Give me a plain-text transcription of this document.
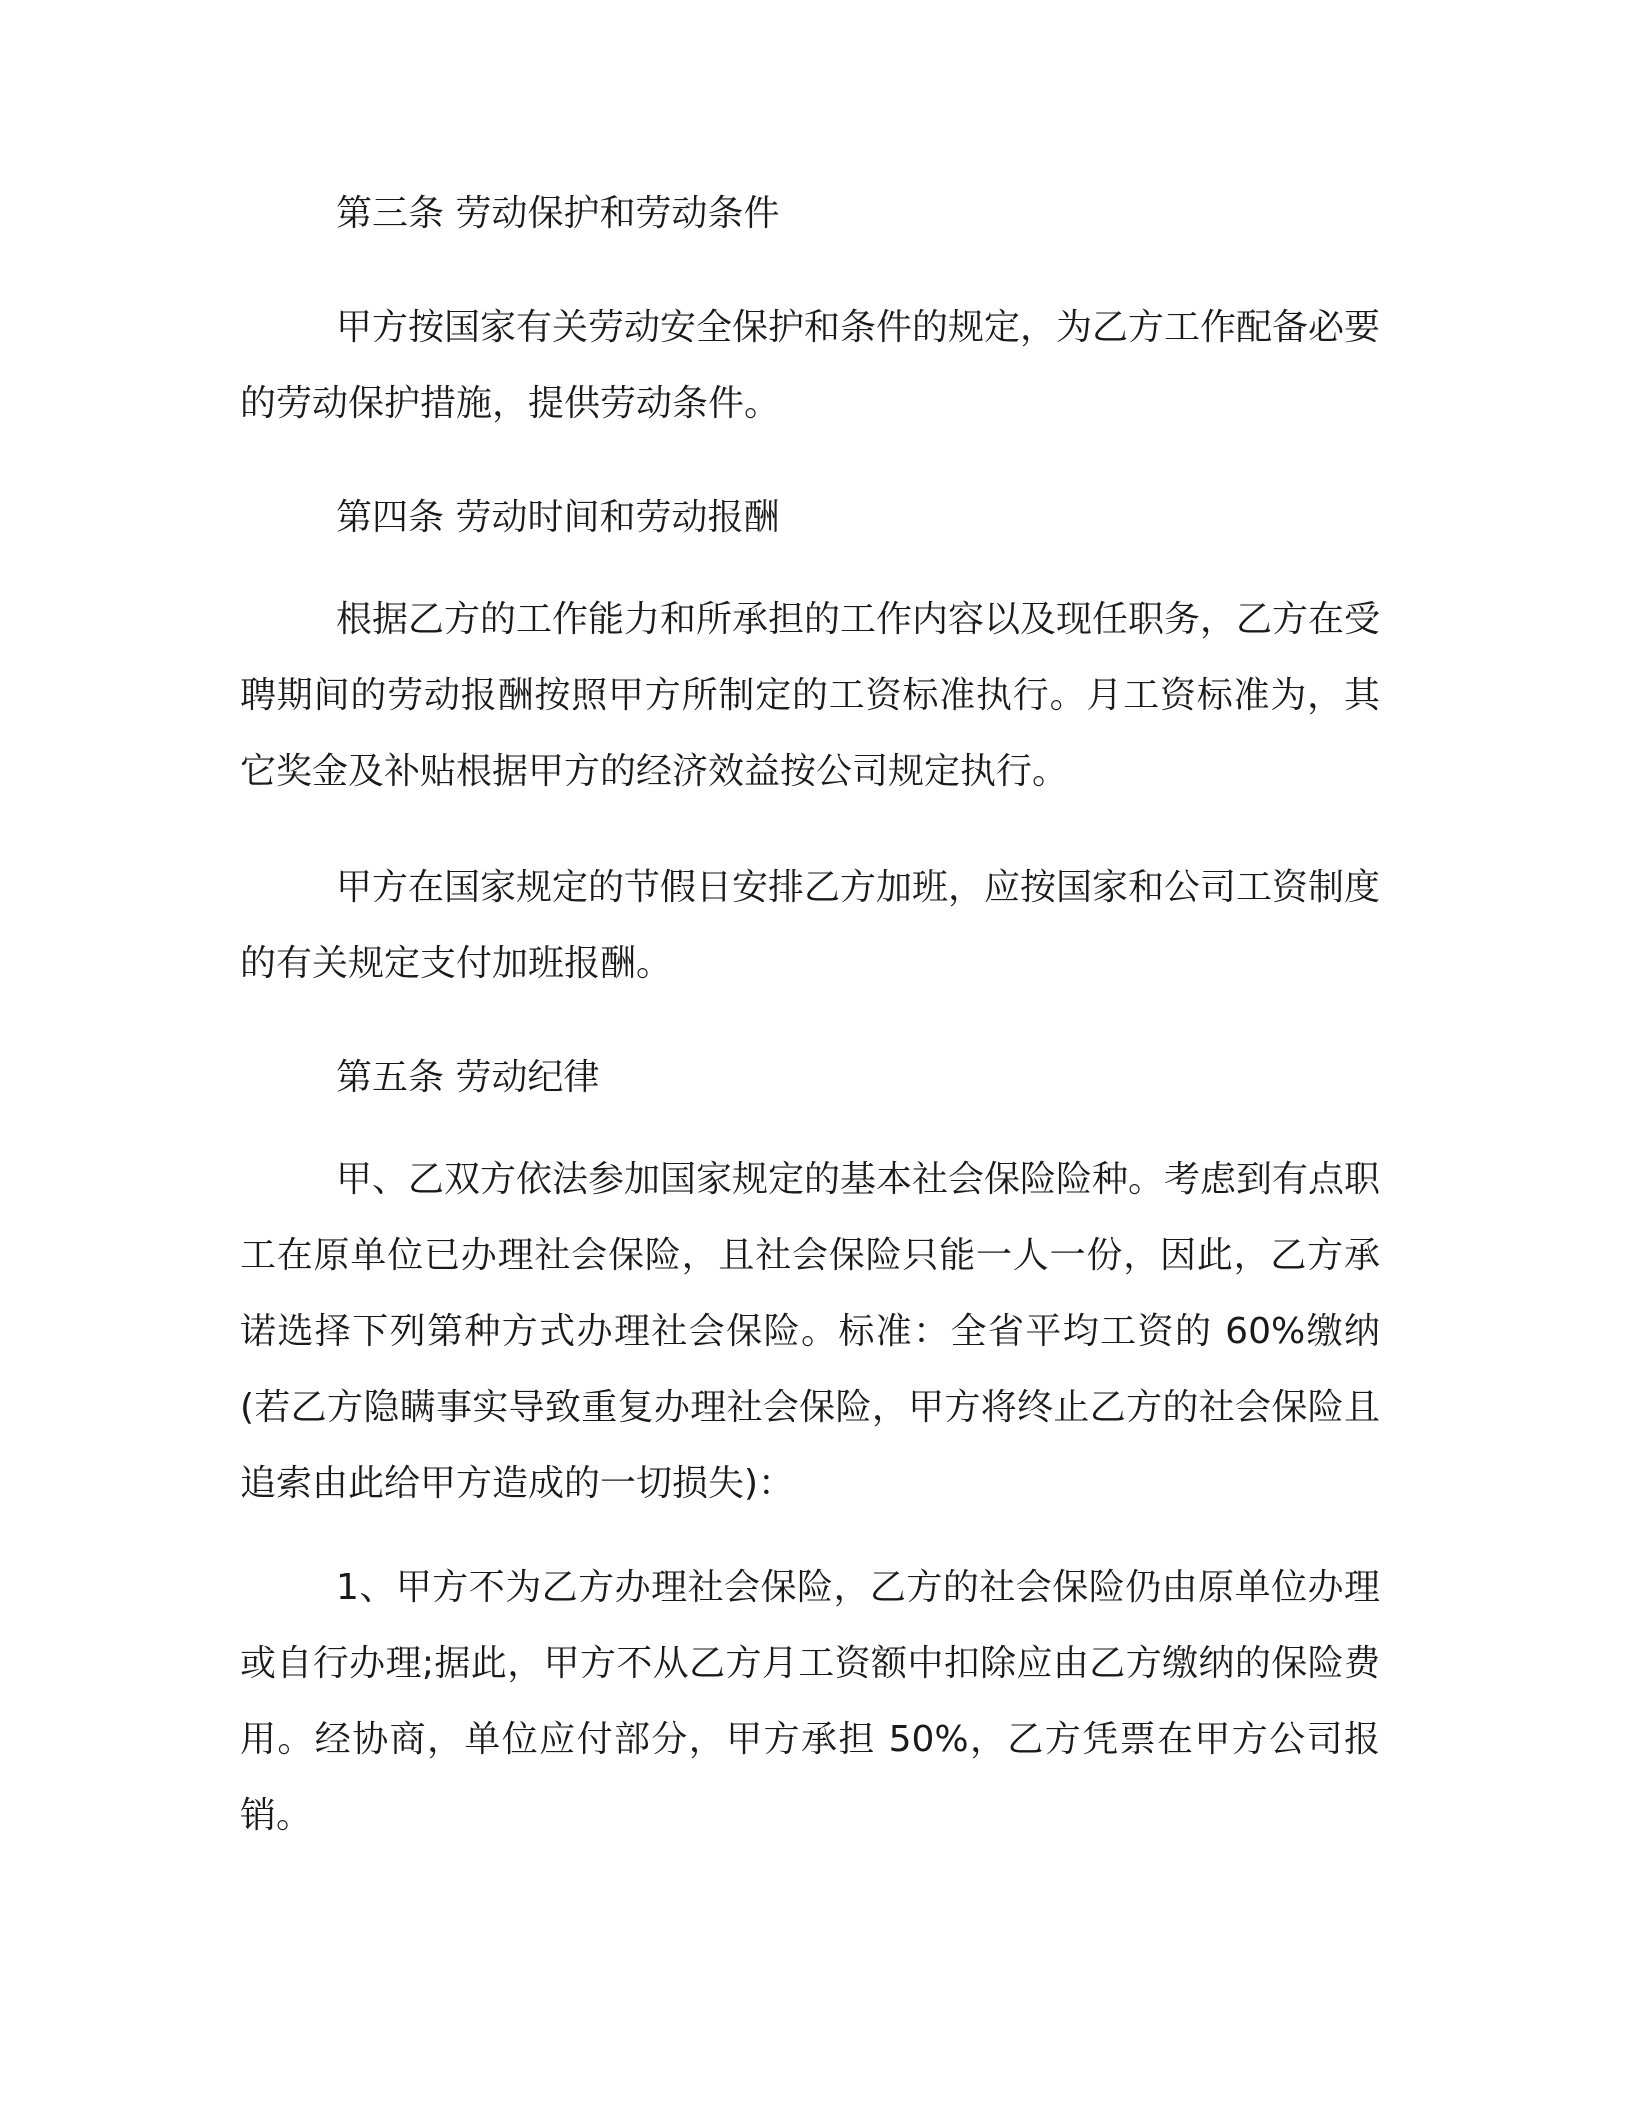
第三条 劳动保护和劳动条件

甲方按国家有关劳动安全保护和条件的规定，为乙方工作配备必要的劳动保护措施，提供劳动条件。

第四条 劳动时间和劳动报酬

根据乙方的工作能力和所承担的工作内容以及现任职务，乙方在受聘期间的劳动报酬按照甲方所制定的工资标准执行。月工资标准为，其它奖金及补贴根据甲方的经济效益按公司规定执行。

甲方在国家规定的节假日安排乙方加班，应按国家和公司工资制度的有关规定支付加班报酬。

第五条 劳动纪律

甲、乙双方依法参加国家规定的基本社会保险险种。考虑到有点职工在原单位已办理社会保险，且社会保险只能一人一份，因此，乙方承诺选择下列第种方式办理社会保险。标准：全省平均工资的 60%缴纳(若乙方隐瞒事实导致重复办理社会保险，甲方将终止乙方的社会保险且追索由此给甲方造成的一切损失)：

1、甲方不为乙方办理社会保险，乙方的社会保险仍由原单位办理或自行办理;据此，甲方不从乙方月工资额中扣除应由乙方缴纳的保险费用。经协商，单位应付部分，甲方承担 50%，乙方凭票在甲方公司报销。
